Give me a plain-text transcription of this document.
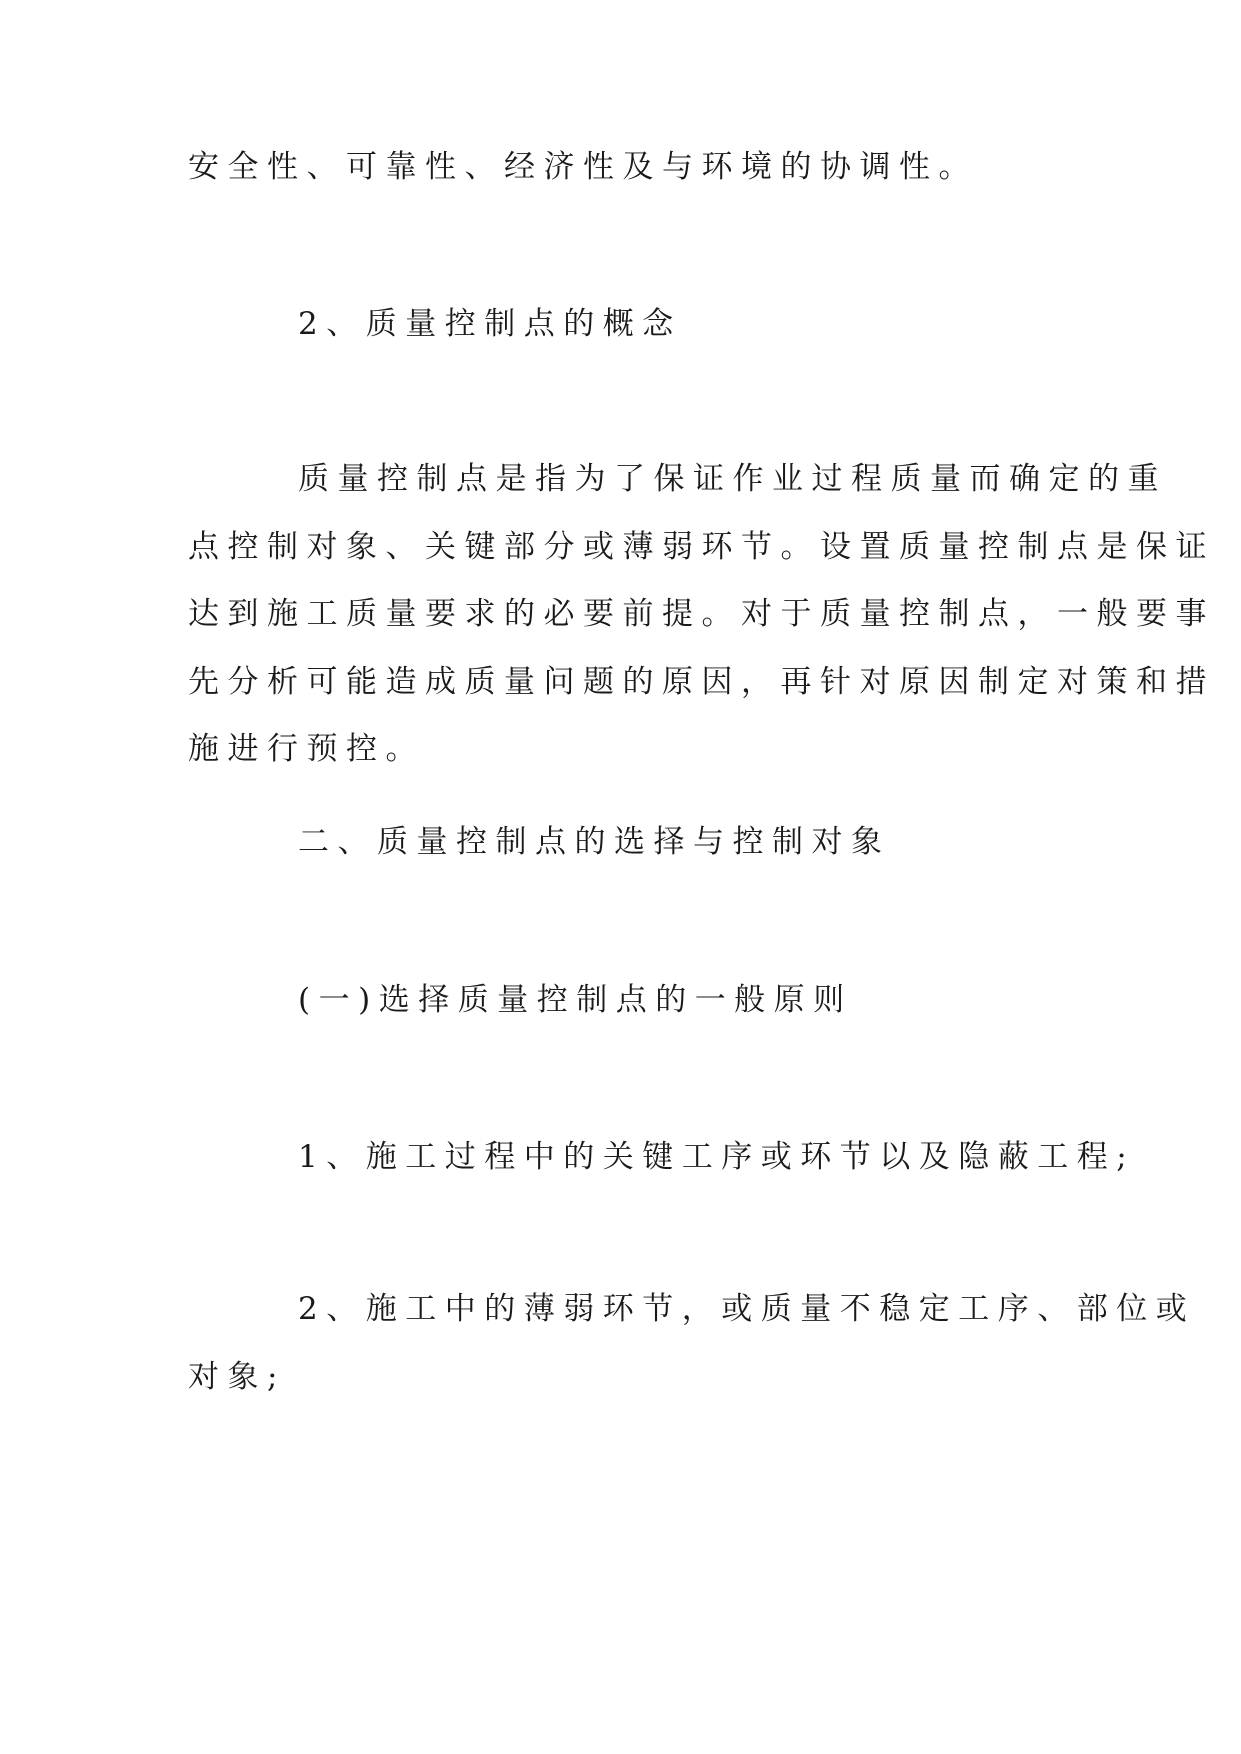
安全性、可靠性、经济性及与环境的协调性。
2、质量控制点的概念
质量控制点是指为了保证作业过程质量而确定的重
点控制对象、关键部分或薄弱环节。设置质量控制点是保证
达到施工质量要求的必要前提。对于质量控制点，一般要事
先分析可能造成质量问题的原因，再针对原因制定对策和措
施进行预控。
二、质量控制点的选择与控制对象
(一)选择质量控制点的一般原则
1、施工过程中的关键工序或环节以及隐蔽工程;
2、施工中的薄弱环节，或质量不稳定工序、部位或
对象;
